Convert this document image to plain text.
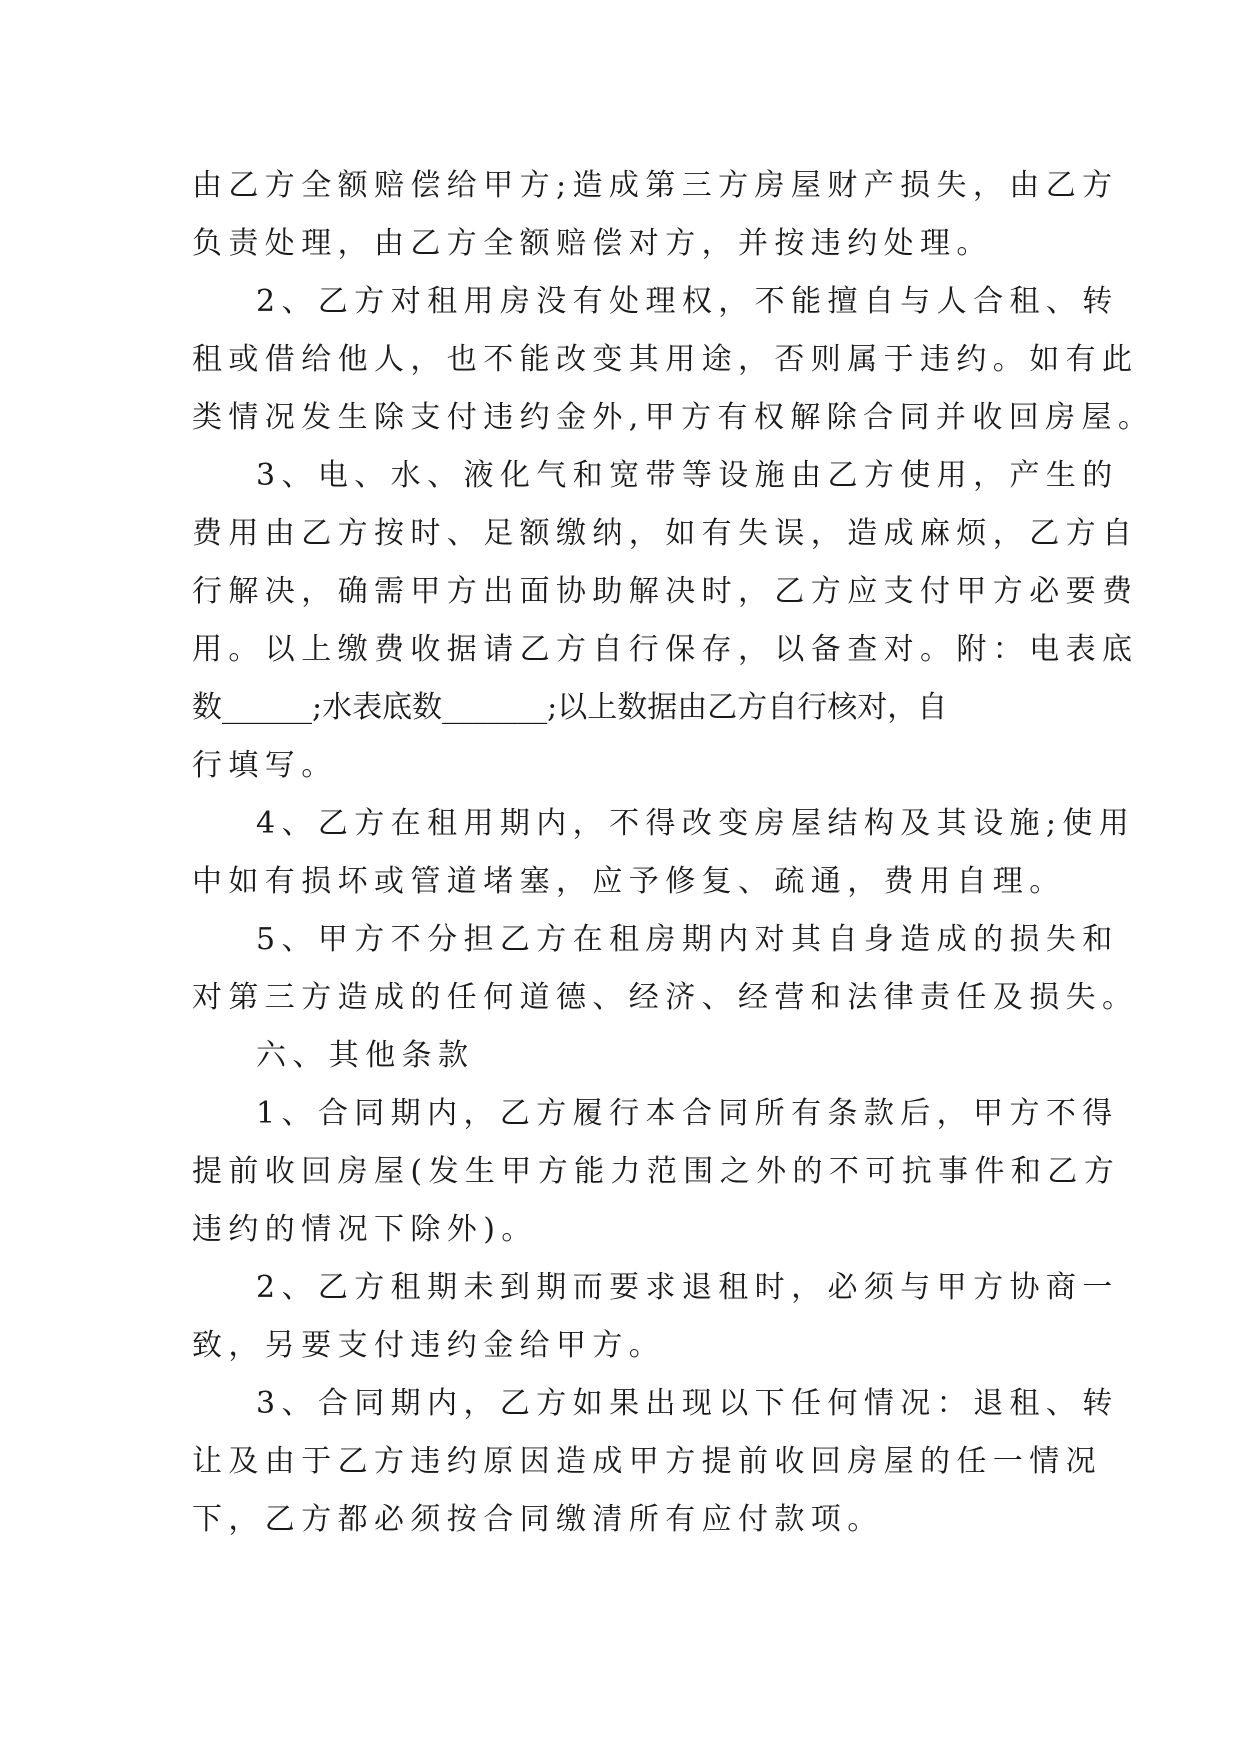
由乙方全额赔偿给甲方;造成第三方房屋财产损失，由乙方
负责处理，由乙方全额赔偿对方，并按违约处理。
2、乙方对租用房没有处理权，不能擅自与人合租、转
租或借给他人，也不能改变其用途，否则属于违约。如有此
类情况发生除支付违约金外,甲方有权解除合同并收回房屋。
3、电、水、液化气和宽带等设施由乙方使用，产生的
费用由乙方按时、足额缴纳，如有失误，造成麻烦，乙方自
行解决，确需甲方出面协助解决时，乙方应支付甲方必要费
用。以上缴费收据请乙方自行保存，以备查对。附：电表底
数______;水表底数_______;以上数据由乙方自行核对，自
行填写。
4、乙方在租用期内，不得改变房屋结构及其设施;使用
中如有损坏或管道堵塞，应予修复、疏通，费用自理。
5、甲方不分担乙方在租房期内对其自身造成的损失和
对第三方造成的任何道德、经济、经营和法律责任及损失。
六、其他条款
1、合同期内，乙方履行本合同所有条款后，甲方不得
提前收回房屋(发生甲方能力范围之外的不可抗事件和乙方
违约的情况下除外)。
2、乙方租期未到期而要求退租时，必须与甲方协商一
致，另要支付违约金给甲方。
3、合同期内，乙方如果出现以下任何情况：退租、转
让及由于乙方违约原因造成甲方提前收回房屋的任一情况
下，乙方都必须按合同缴清所有应付款项。
